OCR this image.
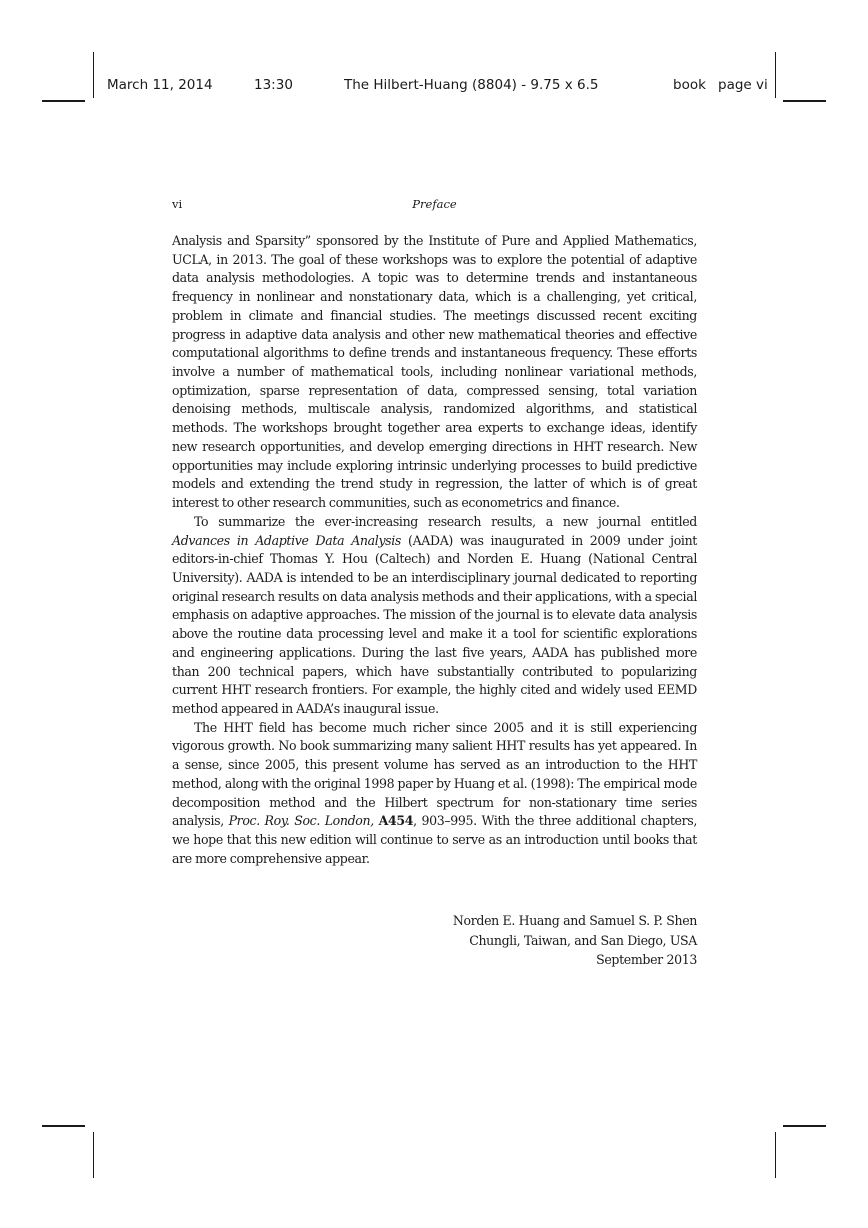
March 11, 2014	13:30	The Hilbert-Huang (8804) - 9.75 x 6.5	book page vi
vi	Preface

Analysis and Sparsity” sponsored by the Institute of Pure and Applied Mathematics, UCLA, in 2013. The goal of these workshops was to explore the potential of adaptive data analysis methodologies. A topic was to determine trends and instantaneous frequency in nonlinear and nonstationary data, which is a challenging, yet critical, problem in climate and financial studies. The meetings discussed recent exciting progress in adaptive data analysis and other new mathematical theories and effective computational algorithms to define trends and instantaneous frequency. These efforts involve a number of mathematical tools, including nonlinear variational methods, optimization, sparse representation of data, compressed sensing, total variation denoising methods, multiscale analysis, randomized algorithms, and statistical methods. The workshops brought together area experts to exchange ideas, identify new research opportunities, and develop emerging directions in HHT research. New opportunities may include exploring intrinsic underlying processes to build predictive models and extending the trend study in regression, the latter of which is of great interest to other research communities, such as econometrics and finance.

To summarize the ever-increasing research results, a new journal entitled Advances in Adaptive Data Analysis (AADA) was inaugurated in 2009 under joint editors-in-chief Thomas Y. Hou (Caltech) and Norden E. Huang (National Central University). AADA is intended to be an interdisciplinary journal dedicated to reporting original research results on data analysis methods and their applications, with a special emphasis on adaptive approaches. The mission of the journal is to elevate data analysis above the routine data processing level and make it a tool for scientific explorations and engineering applications. During the last five years, AADA has published more than 200 technical papers, which have substantially contributed to popularizing current HHT research frontiers. For example, the highly cited and widely used EEMD method appeared in AADA’s inaugural issue.

The HHT field has become much richer since 2005 and it is still experiencing vigorous growth. No book summarizing many salient HHT results has yet appeared. In a sense, since 2005, this present volume has served as an introduction to the HHT method, along with the original 1998 paper by Huang et al. (1998): The empirical mode decomposition method and the Hilbert spectrum for non-stationary time series analysis, Proc. Roy. Soc. London, A454, 903–995. With the three additional chapters, we hope that this new edition will continue to serve as an introduction until books that are more comprehensive appear.

Norden E. Huang and Samuel S. P. Shen
Chungli, Taiwan, and San Diego, USA
September 2013
